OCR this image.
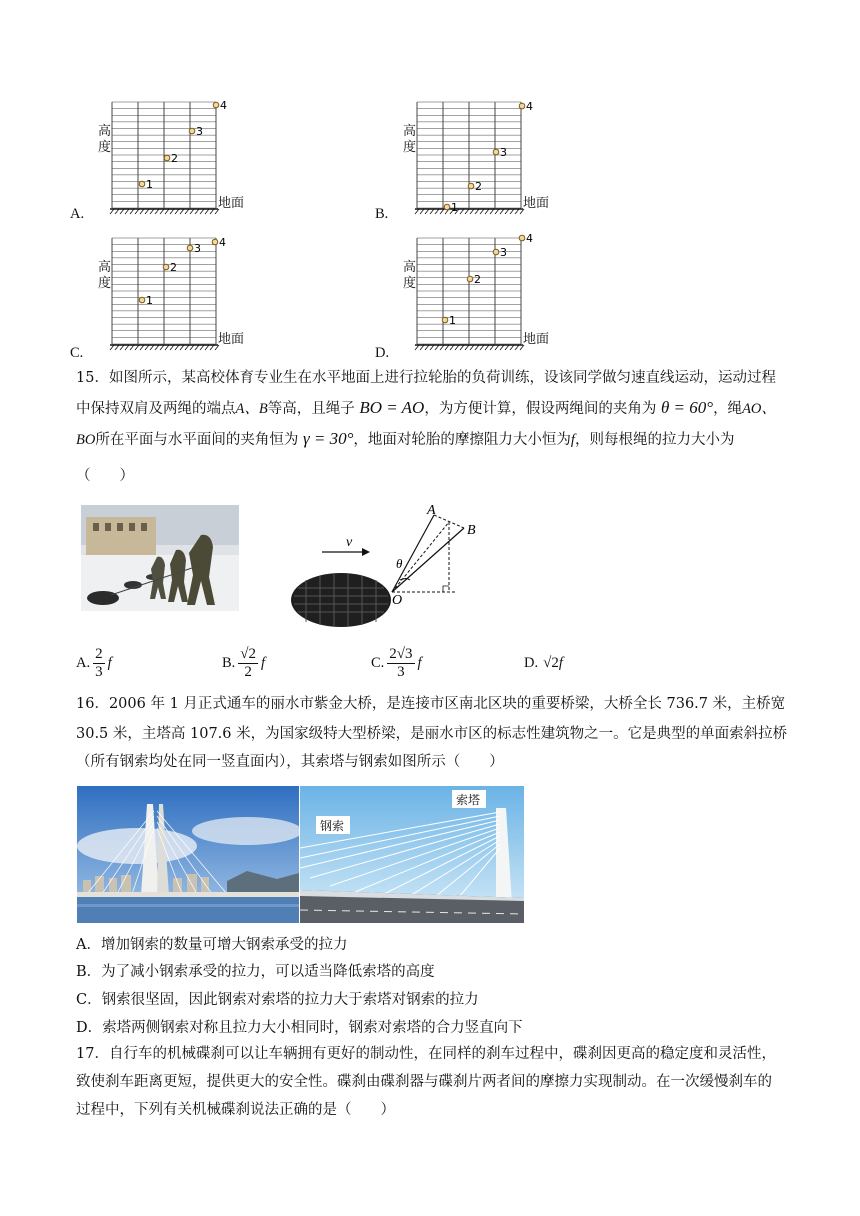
A.
高
度
1
2
3
4
地面
B.
高
度
1
2
3
4
地面
C.
高
度
1
2
3 4
地面
D.
高
度
1
2
3
4
地面
15．如图所示，某高校体育专业生在水平地面上进行拉轮胎的负荷训练，设该同学做匀速直线运动，运动过程
中保持双肩及两绳的端点A、B等高，且绳子 BO = AO，为方便计算，假设两绳间的夹角为 θ = 60°，绳AO、
BO所在平面与水平面间的夹角恒为 γ = 30°，地面对轮胎的摩擦阻力大小恒为f，则每根绳的拉力大小为
（　　）
v
A
B
θ
O
A. $\frac{2}{3}$ f	B. $\frac{√2}{2}$ f	C. $\frac{2√3}{3}$ f	D. √2 f
16．2006 年 1 月正式通车的丽水市紫金大桥，是连接市区南北区块的重要桥梁，大桥全长 736.7 米，主桥宽
30.5 米，主塔高 107.6 米，为国家级特大型桥梁，是丽水市区的标志性建筑物之一。它是典型的单面索斜拉桥
（所有钢索均处在同一竖直面内），其索塔与钢索如图所示（　　）
钢索
索塔
A．增加钢索的数量可增大钢索承受的拉力
B．为了减小钢索承受的拉力，可以适当降低索塔的高度
C．钢索很坚固，因此钢索对索塔的拉力大于索塔对钢索的拉力
D．索塔两侧钢索对称且拉力大小相同时，钢索对索塔的合力竖直向下
17．自行车的机械碟刹可以让车辆拥有更好的制动性，在同样的刹车过程中，碟刹因更高的稳定度和灵活性，
致使刹车距离更短，提供更大的安全性。碟刹由碟刹器与碟刹片两者间的摩擦力实现制动。在一次缓慢刹车的
过程中，下列有关机械碟刹说法正确的是（　　）
